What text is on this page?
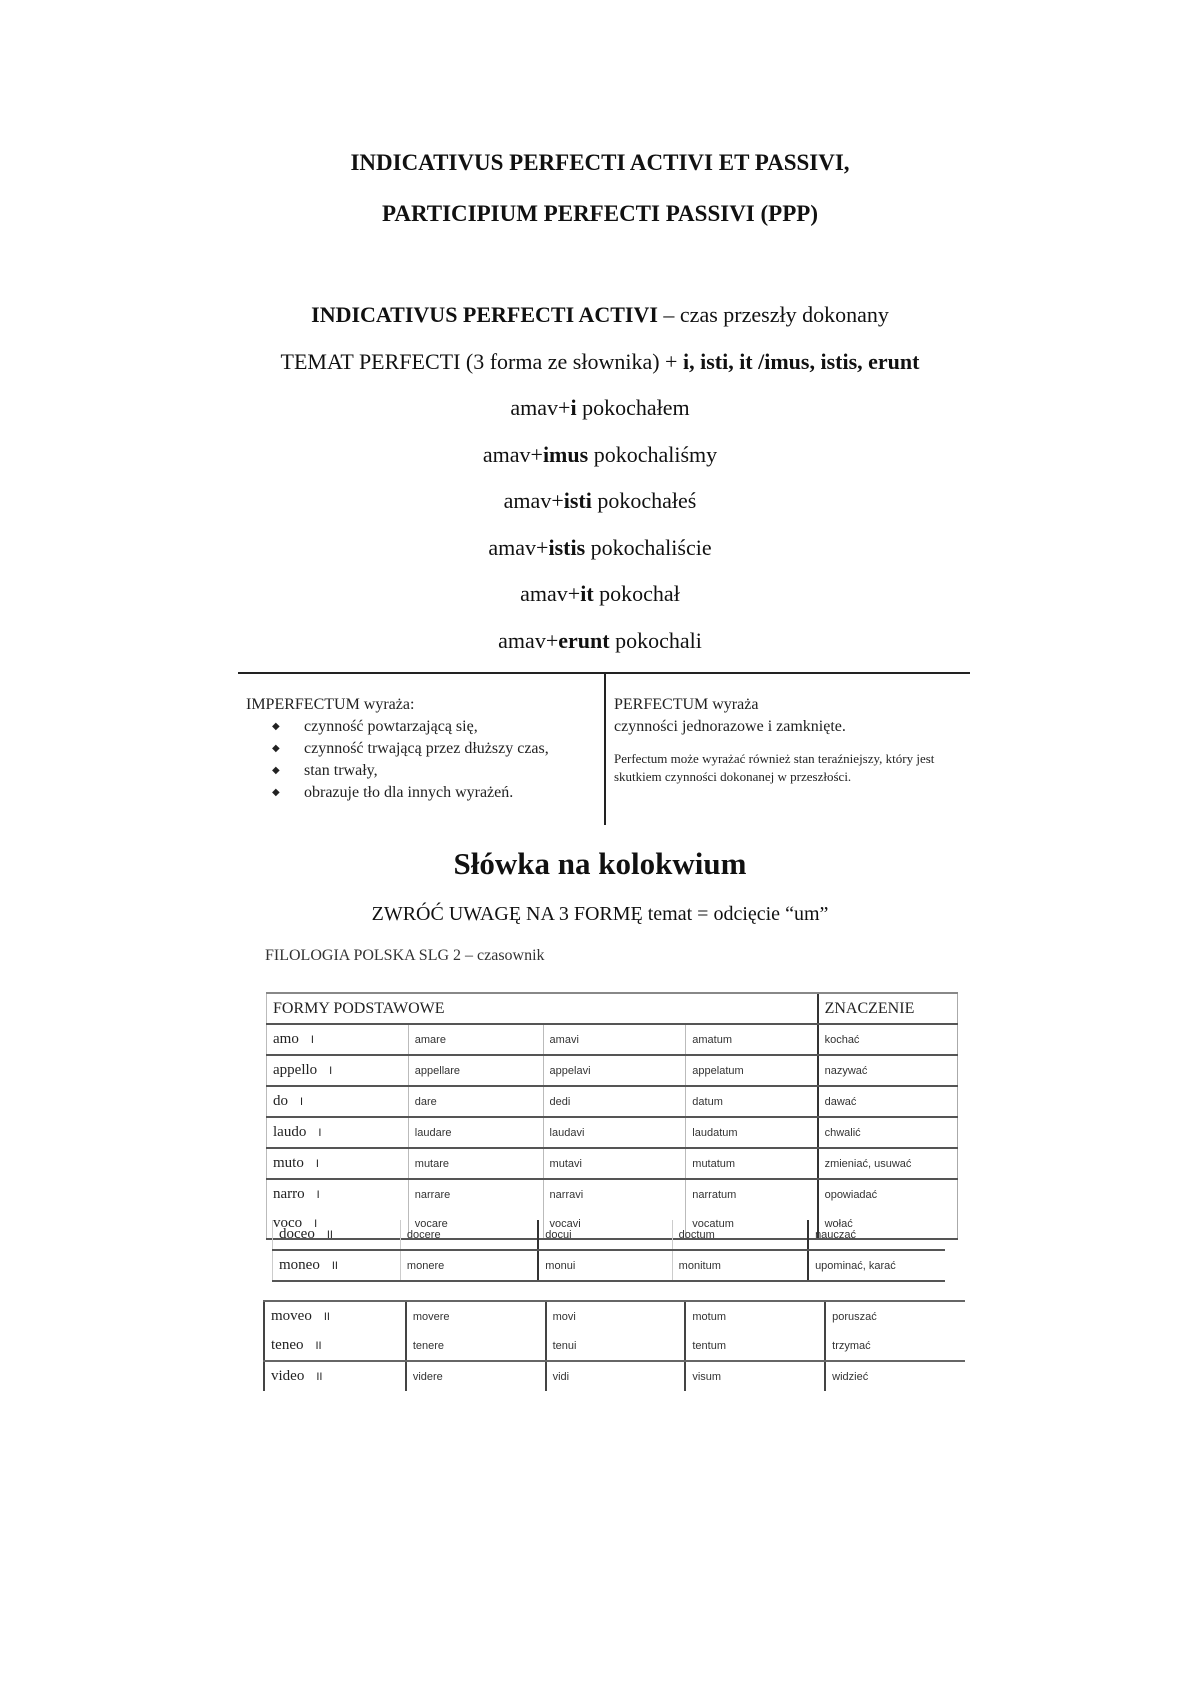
INDICATIVUS PERFECTI ACTIVI ET PASSIVI,
PARTICIPIUM PERFECTI PASSIVI (PPP)
INDICATIVUS PERFECTI ACTIVI – czas przeszły dokonany
TEMAT PERFECTI (3 forma ze słownika) + i, isti, it /imus, istis, erunt
amav+i pokochałem
amav+imus pokochaliśmy
amav+isti pokochałeś
amav+istis pokochaliście
amav+it pokochał
amav+erunt pokochali
IMPERFECTUM wyraża:
◆ czynność powtarzającą się,
◆ czynność trwającą przez dłuższy czas,
◆ stan trwały,
◆ obrazuje tło dla innych wyrażeń.
PERFECTUM wyraża
czynności jednorazowe i zamknięte.
Perfectum może wyrażać również stan teraźniejszy, który jest skutkiem czynności dokonanej w przeszłości.
Słówka na kolokwium
ZWRÓĆ UWAGĘ NA 3 FORMĘ temat = odcięcie “um”
FILOLOGIA POLSKA SLG 2 – czasownik
FORMY PODSTAWOWE				ZNACZENIE
amo I	amare	amavi	amatum	kochać
appello I	appellare	appelavi	appelatum	nazywać
do I	dare	dedi	datum	dawać
laudo I	laudare	laudavi	laudatum	chwalić
muto I	mutare	mutavi	mutatum	zmieniać, usuwać
narro I	narrare	narravi	narratum	opowiadać
voco I	vocare	vocavi	vocatum	wołać
doceo II	docere	docui	doctum	nauczać
moneo II	monere	monui	monitum	upominać, karać
moveo II	movere	movi	motum	poruszać
teneo II	tenere	tenui	tentum	trzymać
video II	videre	vidi	visum	widzieć
